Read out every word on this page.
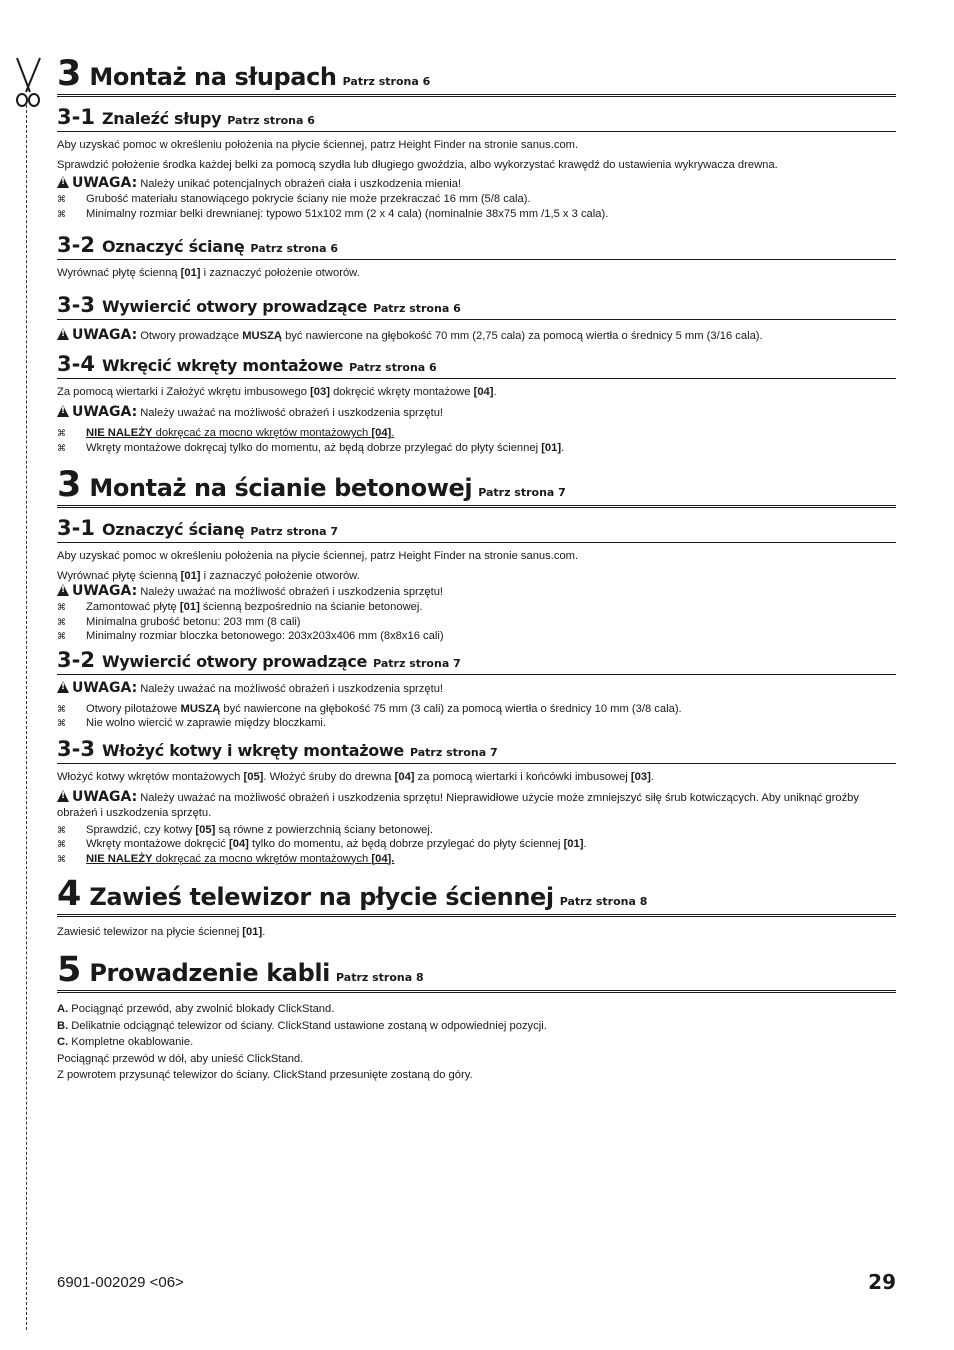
3 Montaż na słupach Patrz strona 6
3-1 Znaleźć słupy Patrz strona 6

Aby uzyskać pomoc w określeniu położenia na płycie ściennej, patrz Height Finder na stronie sanus.com.

Sprawdzić położenie środka każdej belki za pomocą szydła lub długiego gwoździa, albo wykorzystać krawędź do ustawienia wykrywacza drewna.

!UWAGA: Należy unikać potencjalnych obrażeń ciała i uszkodzenia mienia!
⌘ Grubość materiału stanowiącego pokrycie ściany nie może przekraczać 16 mm (5/8 cala).
⌘ Minimalny rozmiar belki drewnianej: typowo 51x102 mm (2 x 4 cala) (nominalnie 38x75 mm /1,5 x 3 cala).
3-2 Oznaczyć ścianę Patrz strona 6

Wyrównać płytę ścienną [01] i zaznaczyć położenie otworów.

3-3 Wywiercić otwory prowadzące Patrz strona 6
!UWAGA: Otwory prowadzące MUSZĄ być nawiercone na głębokość 70 mm (2,75 cala) za pomocą wiertła o średnicy 5 mm (3/16 cala).
3-4 Wkręcić wkręty montażowe Patrz strona 6

Za pomocą wiertarki i Założyć wkrętu imbusowego [03] dokręcić wkręty montażowe [04].

!UWAGA: Należy uważać na możliwość obrażeń i uszkodzenia sprzętu!
⌘ NIE NALEŻY dokręcać za mocno wkrętów montażowych [04].
⌘ Wkręty montażowe dokręcaj tylko do momentu, aż będą dobrze przylegać do płyty ściennej [01].
3 Montaż na ścianie betonowej Patrz strona 7
3-1 Oznaczyć ścianę Patrz strona 7

Aby uzyskać pomoc w określeniu położenia na płycie ściennej, patrz Height Finder na stronie sanus.com.

Wyrównać płytę ścienną [01] i zaznaczyć położenie otworów.

!UWAGA: Należy uważać na możliwość obrażeń i uszkodzenia sprzętu!
⌘ Zamontować płytę [01] ścienną bezpośrednio na ścianie betonowej.
⌘ Minimalna grubość betonu: 203 mm (8 cali)
⌘ Minimalny rozmiar bloczka betonowego: 203x203x406 mm (8x8x16 cali)
3-2 Wywiercić otwory prowadzące Patrz strona 7
!UWAGA: Należy uważać na możliwość obrażeń i uszkodzenia sprzętu!
⌘ Otwory pilotażowe MUSZĄ być nawiercone na głębokość 75 mm (3 cali) za pomocą wiertła o średnicy 10 mm (3/8 cala).
⌘ Nie wolno wiercić w zaprawie między bloczkami.
3-3 Włożyć kotwy i wkręty montażowe Patrz strona 7

Włożyć kotwy wkrętów montażowych [05]. Włożyć śruby do drewna [04] za pomocą wiertarki i końcówki imbusowej [03].

!UWAGA: Należy uważać na możliwość obrażeń i uszkodzenia sprzętu! Nieprawidłowe użycie może zmniejszyć siłę śrub kotwiczących. Aby uniknąć groźby obrażeń i uszkodzenia sprzętu.
⌘ Sprawdzić, czy kotwy [05] są równe z powierzchnią ściany betonowej.
⌘ Wkręty montażowe dokręcić [04] tylko do momentu, aż będą dobrze przylegać do płyty ściennej [01].
⌘ NIE NALEŻY dokręcać za mocno wkrętów montażowych [04].
4 Zawieś telewizor na płycie ściennej Patrz strona 8

Zawiesić telewizor na płycie ściennej [01].

5 Prowadzenie kabli Patrz strona 8

A. Pociągnąć przewód, aby zwolnić blokady ClickStand.

B. Delikatnie odciągnąć telewizor od ściany. ClickStand ustawione zostaną w odpowiedniej pozycji.

C. Kompletne okablowanie.

Pociągnąć przewód w dół, aby unieść ClickStand.

Z powrotem przysunąć telewizor do ściany. ClickStand przesunięte zostaną do góry.

6901-002029 <06>	29
